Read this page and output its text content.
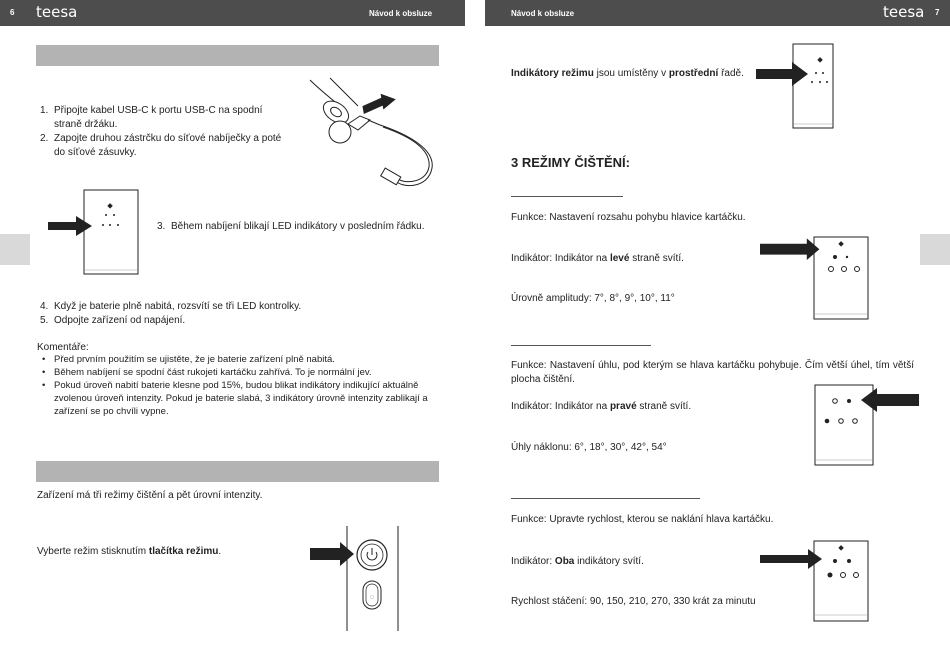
6 teesa	Návod k obsluze	Návod k obsluze	teesa 7
1. Připojte kabel USB-C k portu USB-C na spodní straně držáku.
2. Zapojte druhou zástrčku do síťové nabíječky a poté do síťové zásuvky.
⬥
3. Během nabíjení blikají LED indikátory v posledním řádku.
4. Když je baterie plně nabitá, rozsvítí se tři LED kontrolky.
5. Odpojte zařízení od napájení.
Komentáře:
• Před prvním použitím se ujistěte, že je baterie zařízení plně nabitá.
• Během nabíjení se spodní část rukojeti kartáčku zahřívá. To je normální jev.
• Pokud úroveň nabití baterie klesne pod 15%, budou blikat indikátory indikující aktuálně zvolenou úroveň intenzity. Pokud je baterie slabá, 3 indikátory úrovně intenzity zablikají a zařízení se po chvíli vypne.
Zařízení má tři režimy čištění a pět úrovní intenzity.
Vyberte režim stisknutím tlačítka režimu.
◌
⬥
Indikátory režimu jsou umístěny v prostřední řadě.
3 REŽIMY ČIŠTĚNÍ:
Funkce: Nastavení rozsahu pohybu hlavice kartáčku.
Indikátor: Indikátor na levé straně svítí.
Úrovně amplitudy: 7°, 8°, 9°, 10°, 11°
⬥
Funkce: Nastavení úhlu, pod kterým se hlava kartáčku pohybuje. Čím větší úhel, tím větší plocha čištění.
Indikátor: Indikátor na pravé straně svítí.
Úhly náklonu: 6°, 18°, 30°, 42°, 54°
Funkce: Upravte rychlost, kterou se naklání hlava kartáčku.
Indikátor: Oba indikátory svítí.
Rychlost stáčení: 90, 150, 210, 270, 330 krát za minutu
⬥
